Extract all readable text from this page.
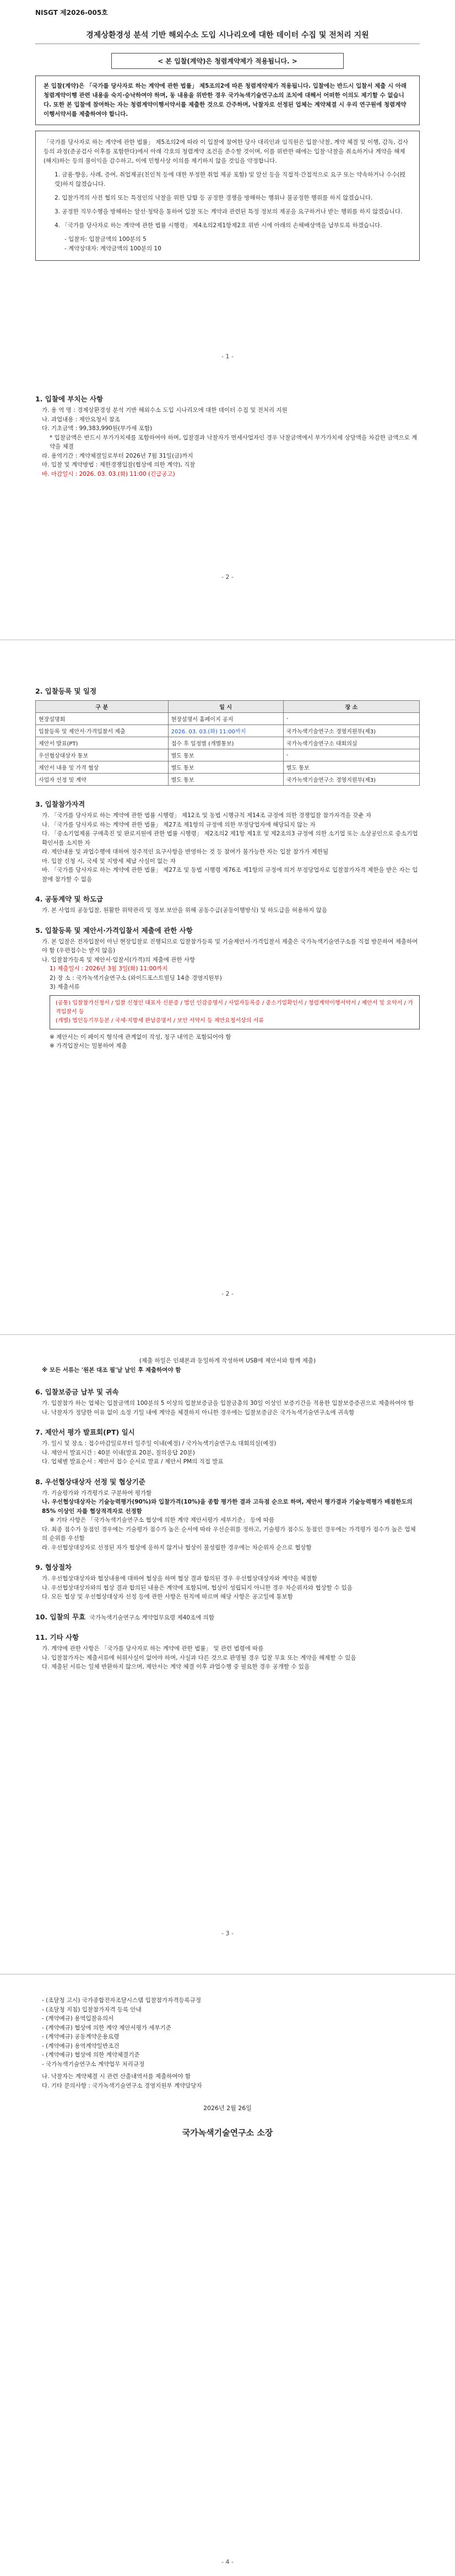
NISGT 제2026-005호
경제상환경성 분석 기반 해외수소 도입 시나리오에 대한 데이터 수집 및 전처리 지원
< 본 입찰(계약)은 청렴계약제가 적용됩니다. >
본 입찰(계약)은 「국가를 당사자로 하는 계약에 관한 법률」 제5조의2에 따른 청렴계약제가 적용됩니다. 입찰에는 반드시 입찰서 제출 시 아래 청렴계약이행 관련 내용을 숙지·승낙하여야 하며, 동 내용을 위반한 경우 국가녹색기술연구소의 조치에 대해서 어떠한 이의도 제기할 수 없습니다. 또한 본 입찰에 참여하는 자는 청렴계약이행서약서를 제출한 것으로 간주하며, 낙찰자로 선정된 업체는 계약체결 시 우리 연구원에 청렴계약이행서약서를 제출하여야 합니다.
「국가를 당사자로 하는 계약에 관한 법률」 제5조의2에 따라 이 입찰에 참여한 당사 대리인과 임직원은 입찰·낙찰, 계약 체결 및 이행, 감독, 검사 등의 과정(준공검사 이후를 포함한다)에서 아래 각호의 청렴계약 조건을 준수할 것이며, 이를 위반한 때에는 입찰·낙찰을 취소하거나 계약을 해제(해지)하는 등의 불이익을 감수하고, 이에 민형사상 이의를 제기하지 않을 것임을 약정합니다.
1. 금품·향응, 사례, 증여, 취업제공(친인척 등에 대한 부정한 취업 제공 포함) 및 알선 등을 직접적·간접적으로 요구 또는 약속하거나 수수(授受)하지 않겠습니다.
2. 입찰가격의 사전 협의 또는 특정인의 낙찰을 위한 담합 등 공정한 경쟁을 방해하는 행위나 불공정한 행위를 하지 않겠습니다.
3. 공정한 직무수행을 방해하는 알선·청탁을 통하여 입찰 또는 계약과 관련된 특정 정보의 제공을 요구하거나 받는 행위를 하지 않겠습니다.
4. 「국가를 당사자로 하는 계약에 관한 법률 시행령」 제4조의2제1항제2호 위반 시에 아래의 손해배상액을 납부토록 하겠습니다.
- 입찰자: 입찰금액의 100분의 5
- 계약상대자: 계약금액의 100분의 10
- 1 -
1. 입찰에 부치는 사항
가. 용 역 명 : 경제상환경성 분석 기반 해외수소 도입 시나리오에 대한 데이터 수집 및 전처리 지원
나. 과업내용 : 제안요청서 참조
다. 기초금액 : 99,383,990원(부가세 포함)
* 입찰금액은 반드시 부가가치세를 포함하여야 하며, 입찰결과 낙찰자가 면세사업자인 경우 낙찰금액에서 부가가치세 상당액을 차감한 금액으로 계약을 체결
라. 용역기간 : 계약체결일로부터 2026년 7월 31일(금)까지
마. 입찰 및 계약방법 : 제한경쟁입찰(협상에 의한 계약), 직찰
바. 마감일시 : 2026. 03. 03.(화) 11:00 (긴급공고)
- 2 -
2. 입찰등록 및 일정
구 분	일 시	장 소
현장설명회	현장설명서 홈페이지 공지	-
입찰등록 및 제안서·가격입찰서 제출	2026. 03. 03.(화) 11:00까지	국가녹색기술연구소 경영지원부(제3)
제안서 발표(PT)	접수 후 일정별 (개별통보)	국가녹색기술연구소 대회의실
우선협상대상자 통보	별도 통보	-
제안서 내용 및 가격 협상	별도 통보	별도 통보
사업자 선정 및 계약	별도 통보	국가녹색기술연구소 경영지원부(제3)
3. 입찰참가자격
가. 「국가를 당사자로 하는 계약에 관한 법률 시행령」 제12조 및 동법 시행규칙 제14조 규정에 의한 경쟁입찰 참가자격을 갖춘 자
나. 「국가를 당사자로 하는 계약에 관한 법률」 제27조 제1항의 규정에 의한 부정당업자에 해당되지 않는 자
다. 「중소기업제품 구매촉진 및 판로지원에 관한 법률 시행령」 제2조의2 제1항 제1호 및 제2조의3 규정에 의한 소기업 또는 소상공인으로 중소기업확인서를 소지한 자
라. 제안내용 및 과업수행에 대하여 정주적인 요구사항을 반영하는 것 등 참여가 불가능한 자는 입찰 참가가 제한됨
마. 입찰 신청 시, 국세 및 지방세 체납 사실이 없는 자
바. 「국가를 당사자로 하는 계약에 관한 법률」 제27조 및 동법 시행령 제76조 제1항의 규정에 의거 부정당업자로 입찰참가자격 제한을 받은 자는 입찰에 참가할 수 없음
4. 공동계약 및 하도급
가. 본 사업의 공동입찰, 원활한 위탁관리 및 정보 보안을 위해 공동수급(공동이행방식) 및 하도급을 허용하지 않음
5. 입찰등록 및 제안서·가격입찰서 제출에 관한 사항
가. 본 입찰은 전자입찰이 아닌 현장입찰로 진행되므로 입찰참가등록 및 기술제안서·가격입찰서 제출은 국가녹색기술연구소를 직접 방문하여 제출하여야 함 (우편접수는 받지 않음)
나. 입찰참가등록 및 제안서·입찰서(가격)의 제출에 관한 사항
1) 제출일시 : 2026년 3월 3일(화) 11:00까지
2) 장 소 : 국가녹색기술연구소 (와이드포스트빌딩 14층 경영지원부)
3) 제출서류
(공통) 입찰참가신청서 / 입찰 신청인 대표자 신분증 / 법인 인감증명서 / 사업자등록증 / 중소기업확인서 / 청렴계약이행서약서 / 제안서 및 요약서 / 가격입찰서 등
(개별) 법인등기부등본 / 국세·지방세 완납증명서 / 보안 서약서 등 제안요청서상의 서류
※ 제안서는 이 페이지 형식에 관계없이 작성, 청구 내역은 포함되어야 함
※ 가격입찰서는 밀봉하여 제출
- 2 -
(제출 하일은 인쇄본과 동일하게 작성하며 USB에 제안서와 함께 제출)
※ 모든 서류는 '원본 대조 필'날 날인 후 제출하여야 함
6. 입찰보증금 납부 및 귀속
가. 입찰참가 하는 업체는 입찰금액의 100분의 5 이상의 입찰보증금을 입찰금총의 30일 이상인 보증기간을 적용한 입찰보증증권으로 제출하여야 함
나. 낙찰자가 정당한 이유 없이 소정 기일 내에 계약을 체결하지 아니한 경우에는 입찰보증금은 국가녹색기술연구소에 귀속함
7. 제안서 평가 발표회(PT) 일시
가. 일시 및 장소 : 접수마감일로부터 일주일 이내(예정) / 국가녹색기술연구소 대회의실(예정)
나. 제안서 발표시간 : 40분 이내(발표 20분, 질의응답 20분)
다. 업체별 발표순서 : 제안서 접수 순서로 발표 / 제안서 PM의 직접 발표
8. 우선협상대상자 선정 및 협상기준
가. 기술평가와 가격평가로 구분하여 평가함
나. 우선협상대상자는 기술능력평가(90%)와 입찰가격(10%)을 종합 평가한 결과 고득점 순으로 하며, 제안서 평가결과 기술능력평가 배점한도의 85% 이상인 자를 협상적격자로 선정함
※ 기타 사항은 「국가녹색기술연구소 협상에 의한 계약 제안서평가 세부기준」 등에 따름
다. 최종 점수가 동점인 경우에는 기술평가 점수가 높은 순서에 따라 우선순위를 정하고, 기술평가 점수도 동점인 경우에는 가격평가 점수가 높은 업체의 순위를 우선함
라. 우선협상대상자로 선정된 자가 협상에 응하지 않거나 협상이 불성립한 경우에는 차순위자 순으로 협상함
9. 협상절차
가. 우선협상대상자와 협상내용에 대하여 협상을 하며 협상 결과 합의된 경우 우선협상대상자와 계약을 체결함
나. 우선협상대상자와의 협상 결과 합의된 내용은 계약에 포함되며, 협상이 성립되지 아니한 경우 차순위자와 협상할 수 있음
다. 모든 협상 및 우선협상대상자 선정 등에 관한 사항은 원칙에 따르며 해당 사항은 공고일에 통보함
10. 입찰의 무효 국가녹색기술연구소 계약업무요령 제40조에 의함
11. 기타 사항
가. 계약에 관한 사항은 「국가를 당사자로 하는 계약에 관한 법률」 및 관련 법령에 따름
나. 입찰참가자는 제출서류에 허위사실이 없어야 하며, 사실과 다른 것으로 판명될 경우 입찰 무효 또는 계약을 해제할 수 있음
다. 제출된 서류는 일체 반환하지 않으며, 제안서는 계약 체결 이후 과업수행 중 필요한 경우 공개할 수 있음
- 3 -
- (조달청 고시) 국가종합전자조달시스템 입찰참가자격등록규정
- (조달청 지침) 입찰참가자격 등록 안내
- (계약예규) 용역입찰유의서
- (계약예규) 협상에 의한 계약 제안서평가 세부기준
- (계약예규) 공동계약운용요령
- (계약예규) 용역계약일반조건
- (계약예규) 협상에 의한 계약체결기준
- 국가녹색기술연구소 계약업무 처리규정
나. 낙찰자는 계약체결 시 관련 산출내역서를 제출하여야 함
다. 기타 문의사항 : 국가녹색기술연구소 경영지원부 계약담당자
2026년 2월 26일
국가녹색기술연구소 소장
- 4 -
